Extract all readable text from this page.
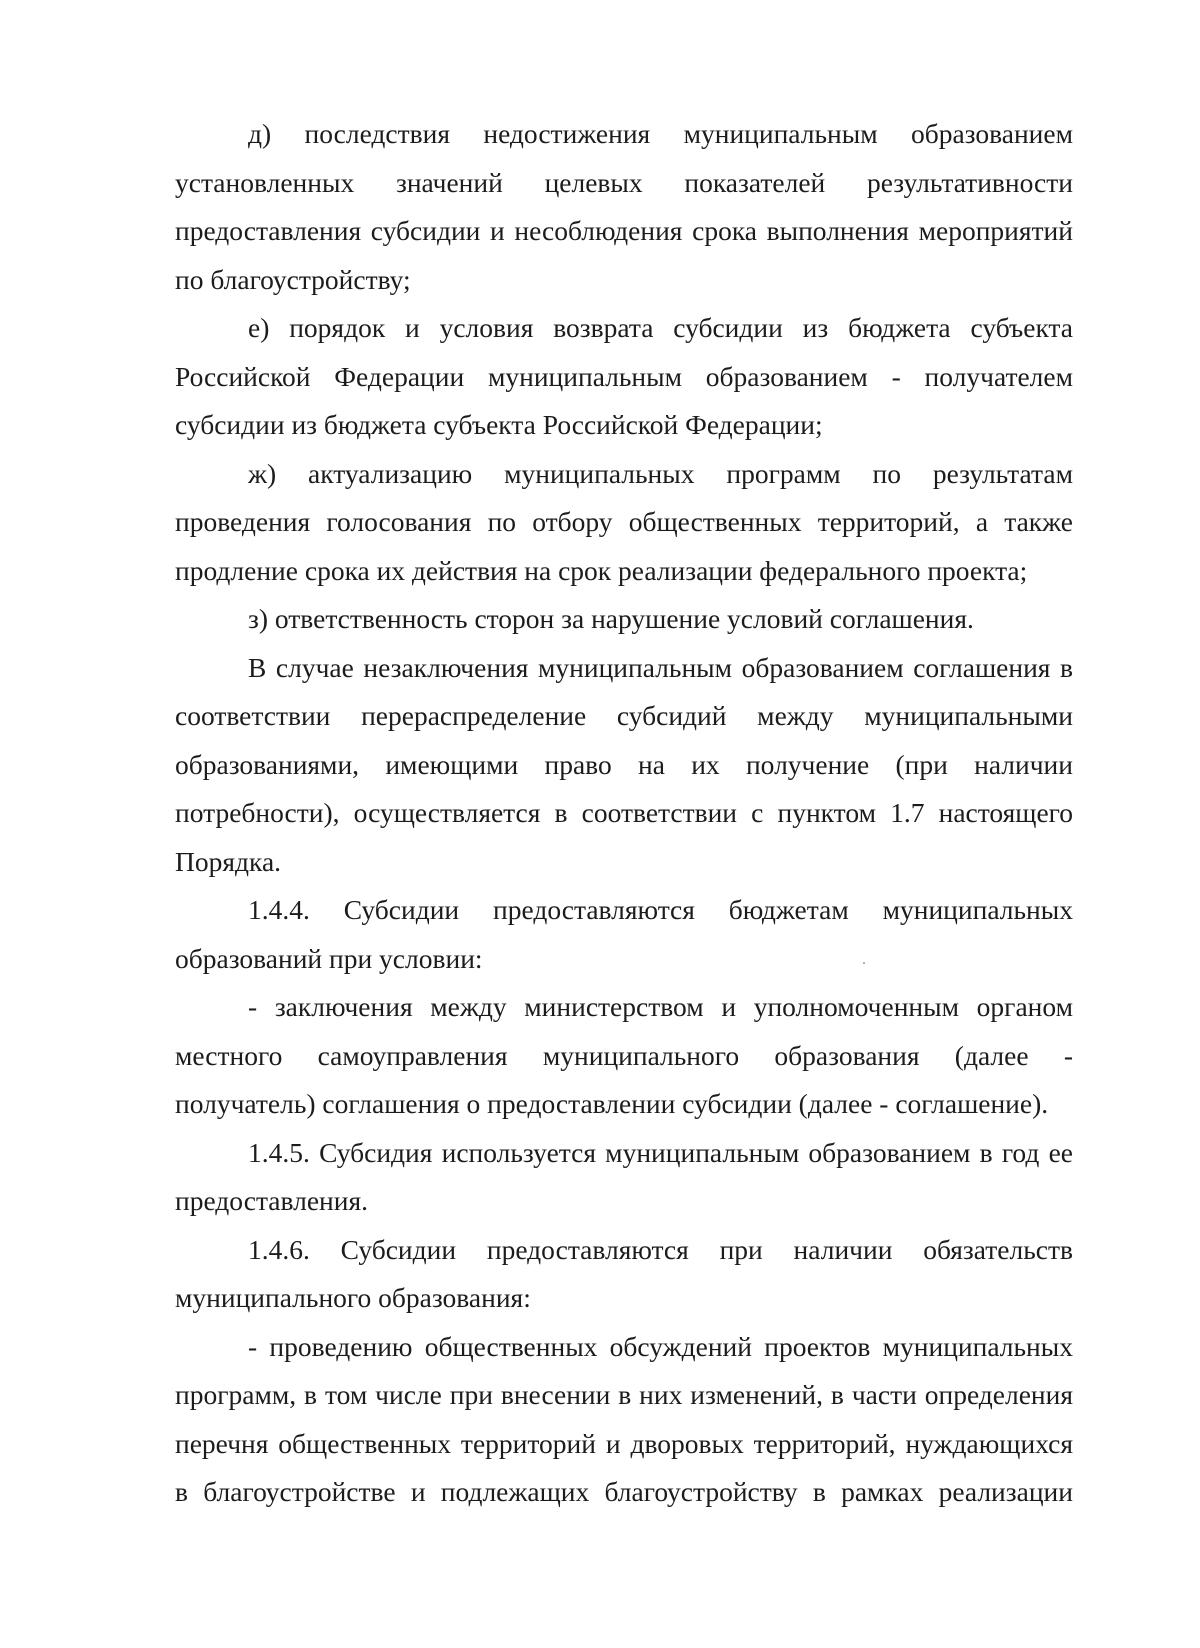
д) последствия недостижения муниципальным образованием установленных значений целевых показателей результативности предоставления субсидии и несоблюдения срока выполнения мероприятий по благоустройству;

е) порядок и условия возврата субсидии из бюджета субъекта Российской Федерации муниципальным образованием - получателем субсидии из бюджета субъекта Российской Федерации;

ж) актуализацию муниципальных программ по результатам проведения голосования по отбору общественных территорий, а также продление срока их действия на срок реализации федерального проекта;

з) ответственность сторон за нарушение условий соглашения.

В случае незаключения муниципальным образованием соглашения в соответствии перераспределение субсидий между муниципальными образованиями, имеющими право на их получение (при наличии потребности), осуществляется в соответствии с пунктом 1.7 настоящего Порядка.

1.4.4. Субсидии предоставляются бюджетам муниципальных образований при условии:

- заключения между министерством и уполномоченным органом местного самоуправления муниципального образования (далее - получатель) соглашения о предоставлении субсидии (далее - соглашение).

1.4.5. Субсидия используется муниципальным образованием в год ее предоставления.

1.4.6. Субсидии предоставляются при наличии обязательств муниципального образования:

- проведению общественных обсуждений проектов муниципальных программ, в том числе при внесении в них изменений, в части определения перечня общественных территорий и дворовых территорий, нуждающихся в благоустройстве и подлежащих благоустройству в рамках реализации
